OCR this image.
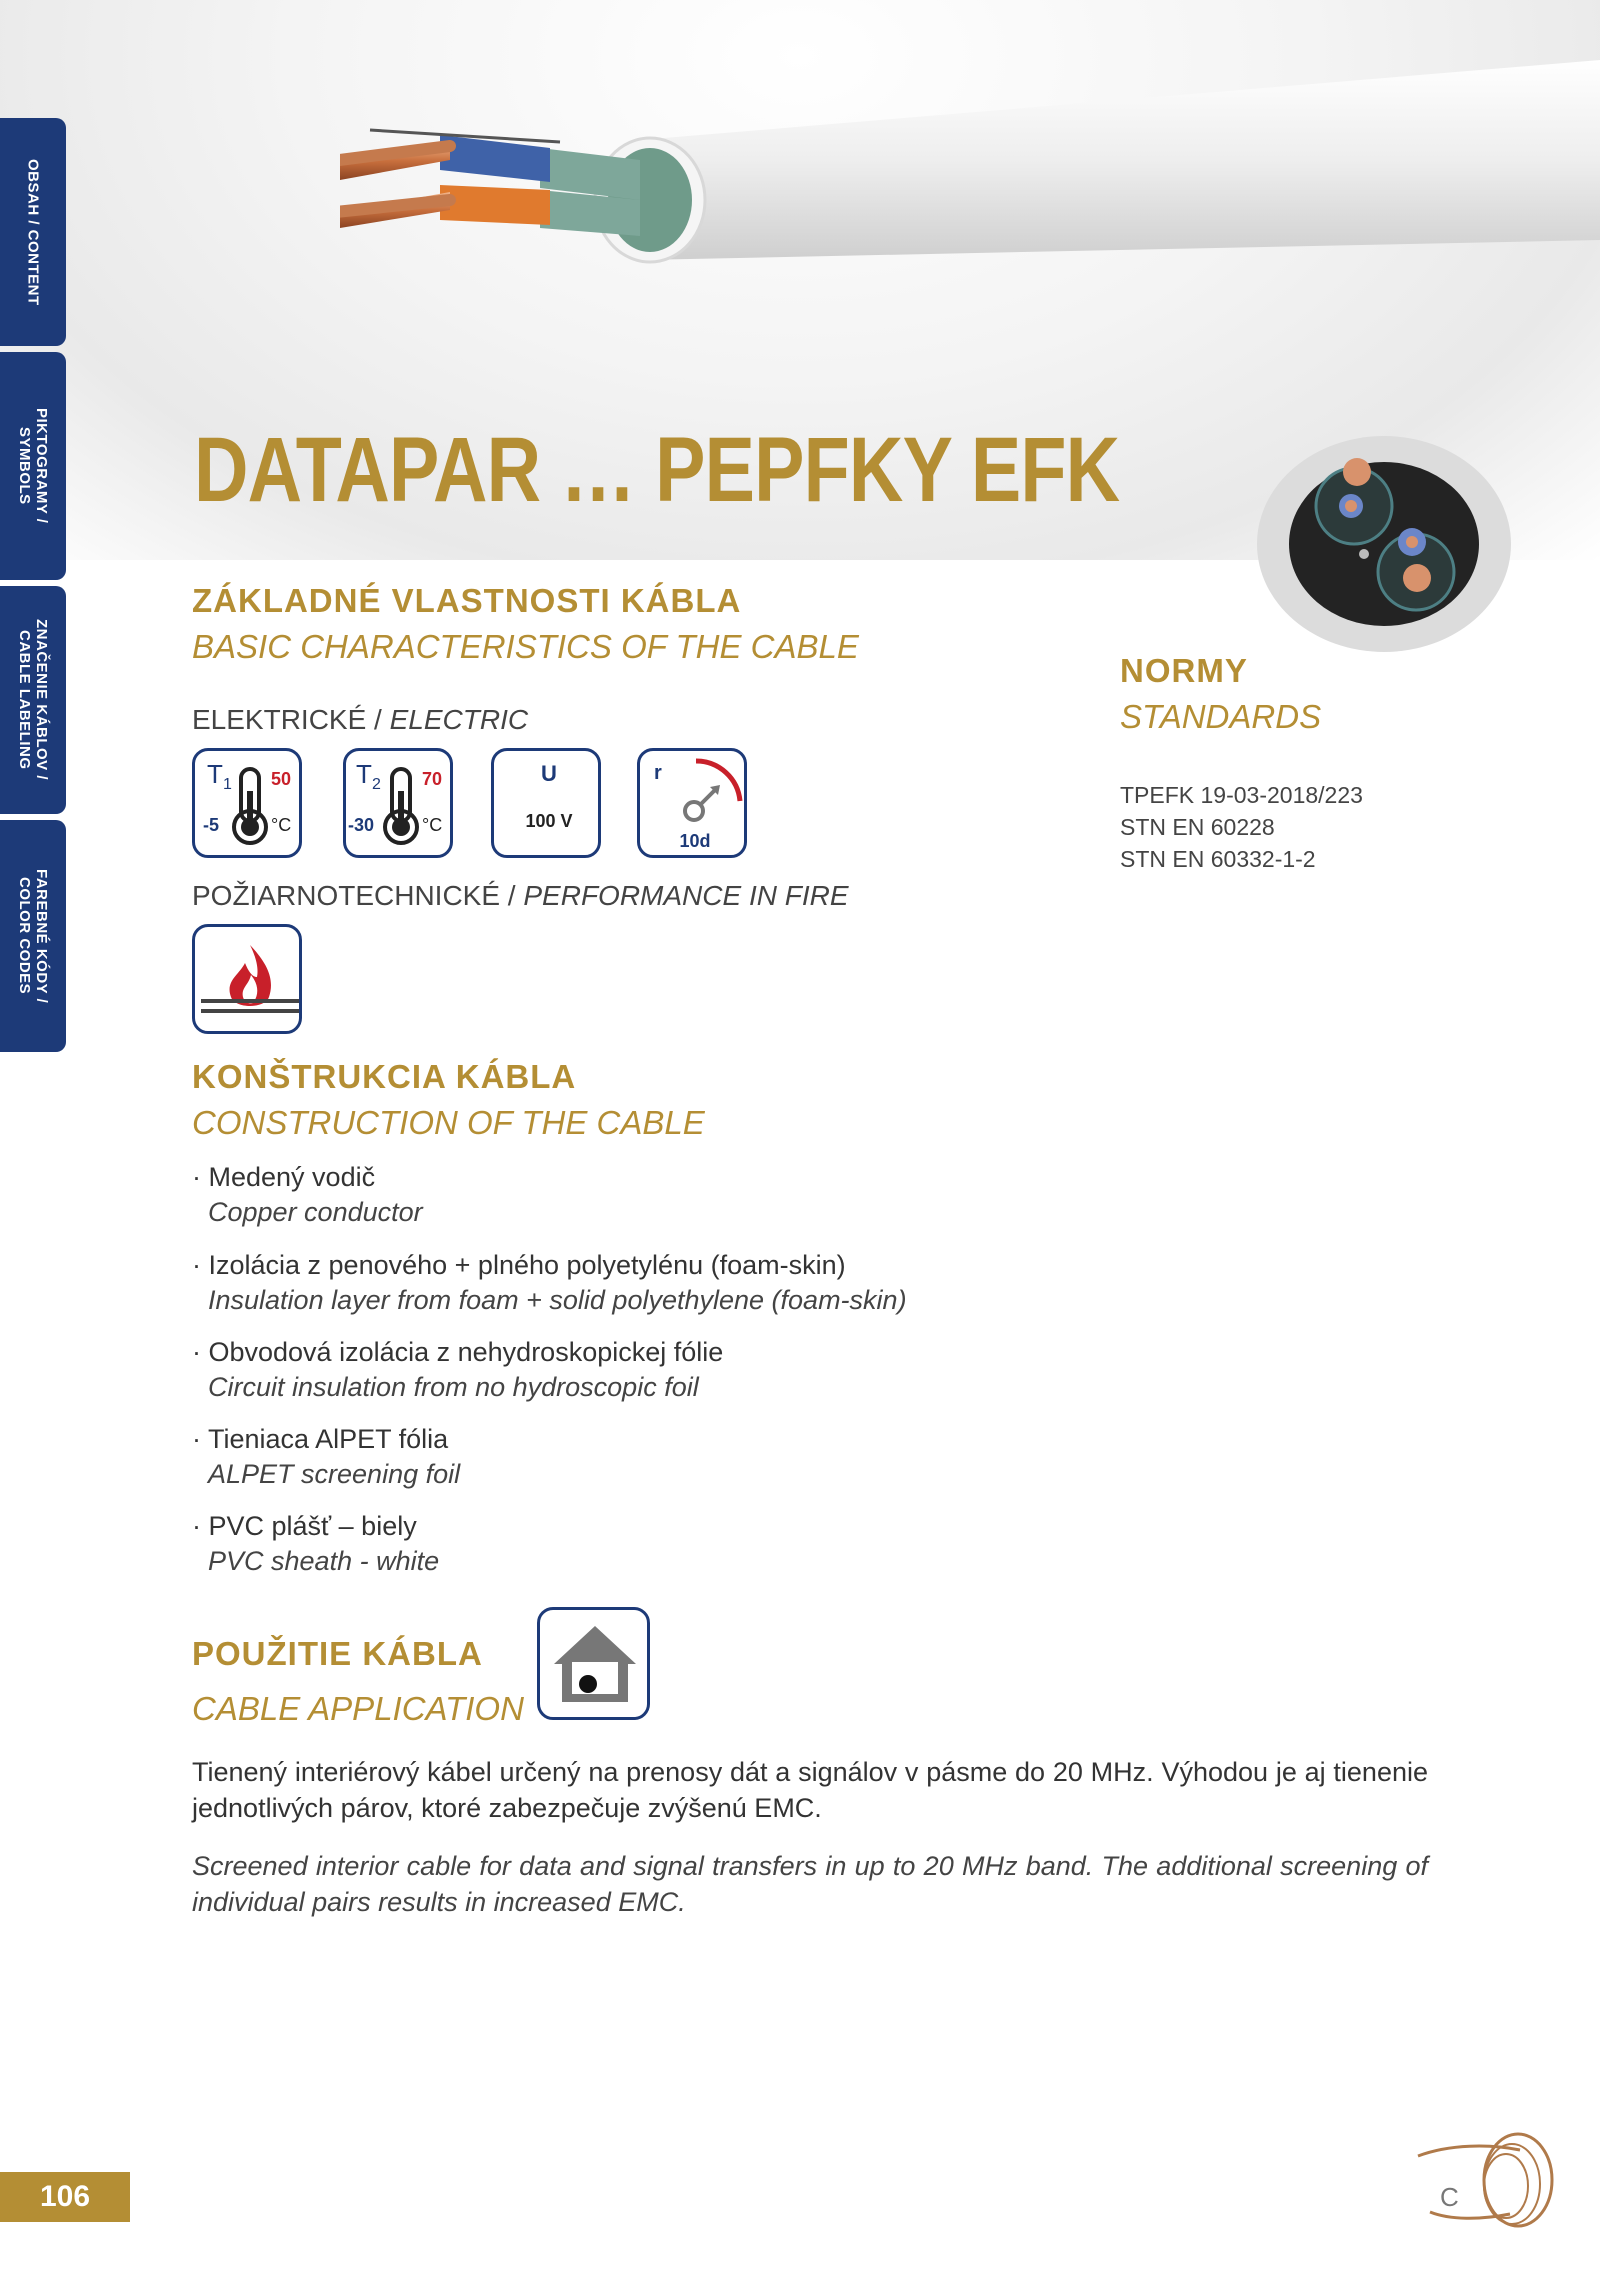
OBSAH / CONTENT
PIKTOGRAMY /
SYMBOLS
ZNAČENIE KÁBLOV /
CABLE LABELING
FAREBNÉ KÓDY /
COLOR CODES
DATAPAR … PEPFKY EFK
ZÁKLADNÉ VLASTNOSTI KÁBLA
BASIC CHARACTERISTICS OF THE CABLE
ELEKTRICKÉ / ELECTRIC
T 1 50
-5	°C
T 2 70
-30	°C
U
100 V
r
10d
POŽIARNOTECHNICKÉ / PERFORMANCE IN FIRE
KONŠTRUKCIA KÁBLA
CONSTRUCTION OF THE CABLE
· Medený vodič
Copper conductor
· Izolácia z penového + plného polyetylénu (foam-skin)
Insulation layer from foam + solid polyethylene (foam-skin)
· Obvodová izolácia z nehydroskopickej fólie
Circuit insulation from no hydroscopic foil
· Tieniaca AlPET fólia
ALPET screening foil
· PVC plášť – biely
PVC sheath - white
POUŽITIE KÁBLA
CABLE APPLICATION

Tienený interiérový kábel určený na prenosy dát a signálov v pásme do 20 MHz. Výhodou je aj tienenie jednotlivých párov, ktoré zabezpečuje zvýšenú EMC.

Screened interior cable for data and signal transfers in up to 20 MHz band. The additional screening of individual pairs results in increased EMC.

NORMY
STANDARDS
TPEFK 19-03-2018/223
STN EN 60228
STN EN 60332-1-2
106	C
